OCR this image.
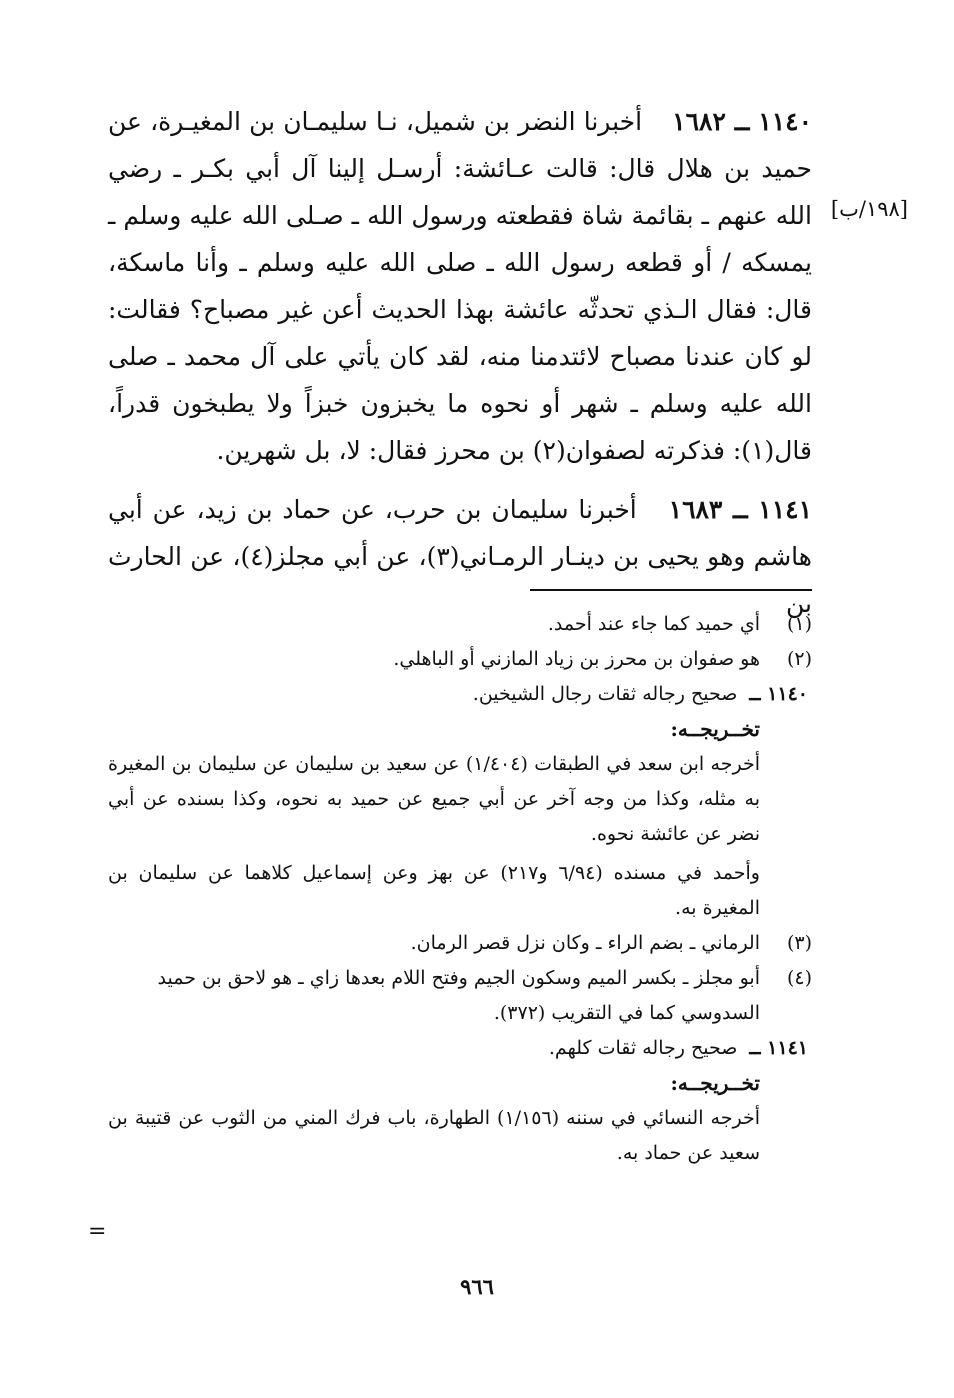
١١٤٠ ــ ١٦٨٢ أخبرنا النضر بن شميل، نـا سليمـان بن المغيـرة، عن حميد بن هلال قال: قالت عـائشة: أرسـل إلينا آل أبي بكـر ـ رضي الله عنهم ـ بقائمة شاة فقطعته ورسول الله ـ صـلى الله عليه وسلم ـ يمسكه / أو قطعه رسول الله ـ صلى الله عليه وسلم ـ وأنا ماسكة، قال: فقال الـذي تحدثّه عائشة بهذا الحديث أعن غير مصباح؟ فقالت: لو كان عندنا مصباح لائتدمنا منه، لقد كان يأتي على آل محمد ـ صلى الله عليه وسلم ـ شهر أو نحوه ما يخبزون خبزاً ولا يطبخون قدراً، قال(١): فذكرته لصفوان(٢) بن محرز فقال: لا، بل شهرين.

١١٤١ ــ ١٦٨٣ أخبرنا سليمان بن حرب، عن حماد بن زيد، عن أبي هاشم وهو يحيى بن دينـار الرمـاني(٣)، عن أبي مجلز(٤)، عن الحارث بن

[١٩٨/ب]
(١)
أي حميد كما جاء عند أحمد.
(٢)
هو صفوان بن محرز بن زياد المازني أو الباهلي.
١١٤٠ ــ صحيح رجاله ثقات رجال الشيخين.
تخــريجــه:

أخرجه ابن سعد في الطبقات (١/٤٠٤) عن سعيد بن سليمان عن سليمان بن المغيرة به مثله، وكذا من وجه آخر عن أبي جميع عن حميد به نحوه، وكذا بسنده عن أبي نضر عن عائشة نحوه.

وأحمد في مسنده (٦/٩٤ و٢١٧) عن بهز وعن إسماعيل كلاهما عن سليمان بن المغيرة به.

(٣)
الرماني ـ بضم الراء ـ وكان نزل قصر الرمان.
(٤)
أبو مجلز ـ بكسر الميم وسكون الجيم وفتح اللام بعدها زاي ـ هو لاحق بن حميد السدوسي كما في التقريب (٣٧٢).
١١٤١ ــ صحيح رجاله ثقات كلهم.
تخــريجــه:

أخرجه النسائي في سننه (١/١٥٦) الطهارة، باب فرك المني من الثوب عن قتيبة بن سعيد عن حماد به.

=
٩٦٦
